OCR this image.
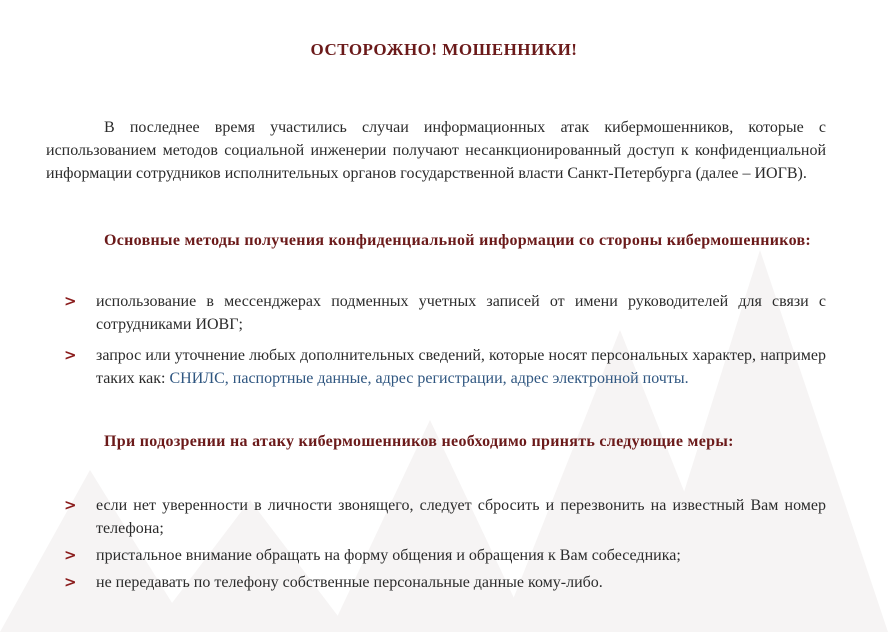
ОСТОРОЖНО! МОШЕННИКИ!

В последнее время участились случаи информационных атак кибермошенников, которые с использованием методов социальной инженерии получают несанкционированный доступ к конфиденциальной информации сотрудников исполнительных органов государственной власти Санкт-Петербурга (далее – ИОГВ).

Основные методы получения конфиденциальной информации со стороны кибермошенников:

>	использование в мессенджерах подменных учетных записей от имени руководителей для связи с сотрудниками ИОВГ;
>	запрос или уточнение любых дополнительных сведений, которые носят персональных характер, например таких как: СНИЛС, паспортные данные, адрес регистрации, адрес электронной почты.

При подозрении на атаку кибермошенников необходимо принять следующие меры:

>	если нет уверенности в личности звонящего, следует сбросить и перезвонить на известный Вам номер телефона;
>	пристальное внимание обращать на форму общения и обращения к Вам собеседника;
>	не передавать по телефону собственные персональные данные кому-либо.
